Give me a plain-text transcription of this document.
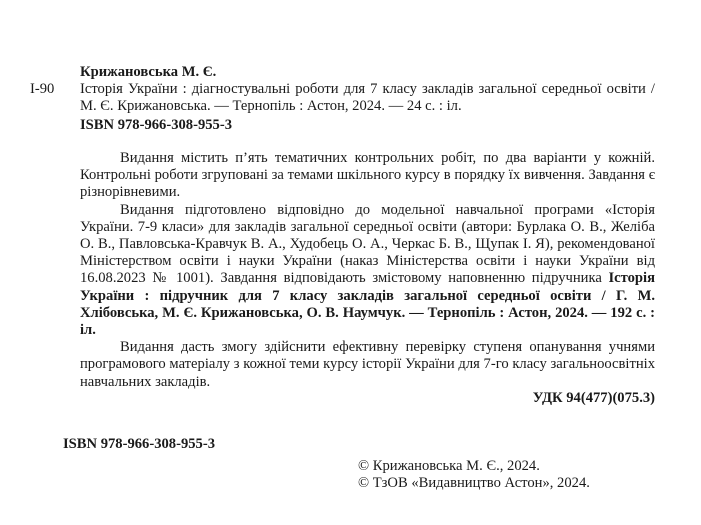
І-90
Крижановська М. Є.
Історія України : діагностувальні роботи для 7 класу закладів загальної середньої освіти / М. Є. Крижановська. — Тернопіль : Астон, 2024. — 24 с. : іл.
ISBN 978-966-308-955-3

Видання містить п’ять тематичних контрольних робіт, по два варіанти у кожній. Контрольні роботи згруповані за темами шкільного курсу в порядку їх вивчення. Завдання є різнорівневими.

Видання підготовлено відповідно до модельної навчальної програми «Історія України. 7-9 класи» для закладів загальної середньої освіти (автори: Бурлака О. В., Желіба О. В., Павловська-Кравчук В. А., Худобець О. А., Черкас Б. В., Щупак І. Я), рекомендованої Міністерством освіти і науки України (наказ Міністерства освіти і науки України від 16.08.2023 № 1001). Завдання відповідають змістовому наповненню підручника Історія України : підручник для 7 класу закладів загальної середньої освіти / Г. М. Хлібовська, М. Є. Крижановська, О. В. Наумчук. — Тернопіль : Астон, 2024. — 192 с. : іл.

Видання дасть змогу здійснити ефективну перевірку ступеня опанування учнями програмового матеріалу з кожної теми курсу історії України для 7-го класу загальноосвітніх навчальних закладів.

УДК 94(477)(075.3)
ISBN 978-966-308-955-3
© Крижановська М. Є., 2024.
© ТзОВ «Видавництво Астон», 2024.
